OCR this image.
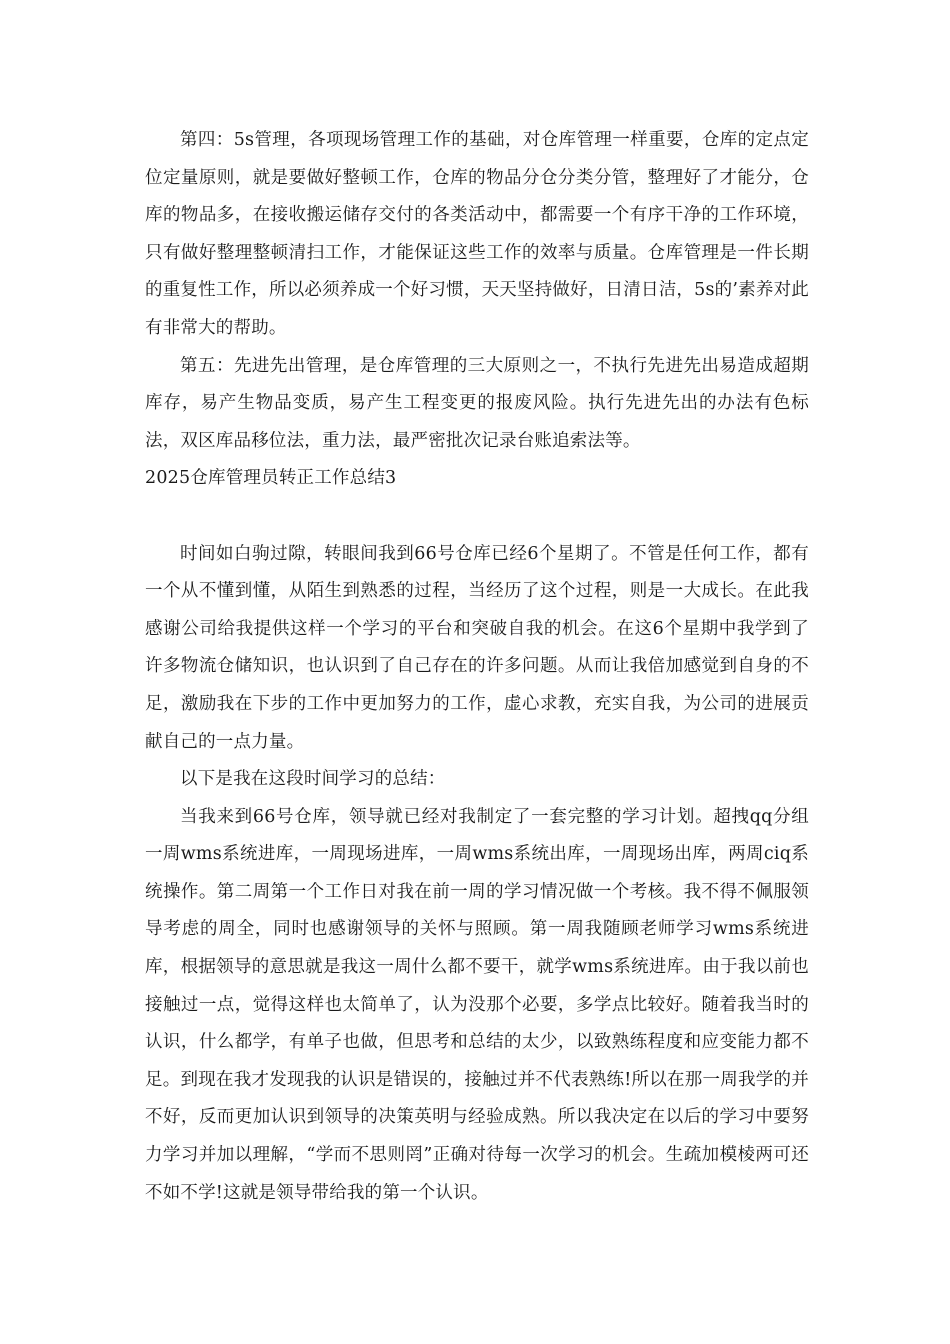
第四：5s管理，各项现场管理工作的基础，对仓库管理一样重要，仓库的定点定位定量原则，就是要做好整顿工作，仓库的物品分仓分类分管，整理好了才能分，仓库的物品多，在接收搬运储存交付的各类活动中，都需要一个有序干净的工作环境，只有做好整理整顿清扫工作，才能保证这些工作的效率与质量。仓库管理是一件长期的重复性工作，所以必须养成一个好习惯，天天坚持做好，日清日洁，5s的’素养对此有非常大的帮助。

第五：先进先出管理，是仓库管理的三大原则之一，不执行先进先出易造成超期库存，易产生物品变质，易产生工程变更的报废风险。执行先进先出的办法有色标法，双区库品移位法，重力法，最严密批次记录台账追索法等。

2025仓库管理员转正工作总结3

时间如白驹过隙，转眼间我到66号仓库已经6个星期了。不管是任何工作，都有一个从不懂到懂，从陌生到熟悉的过程，当经历了这个过程，则是一大成长。在此我感谢公司给我提供这样一个学习的平台和突破自我的机会。在这6个星期中我学到了许多物流仓储知识，也认识到了自己存在的许多问题。从而让我倍加感觉到自身的不足，激励我在下步的工作中更加努力的工作，虚心求教，充实自我，为公司的进展贡献自己的一点力量。

以下是我在这段时间学习的总结：

当我来到66号仓库，领导就已经对我制定了一套完整的学习计划。超拽qq分组一周wms系统进库，一周现场进库，一周wms系统出库，一周现场出库，两周ciq系统操作。第二周第一个工作日对我在前一周的学习情况做一个考核。我不得不佩服领导考虑的周全，同时也感谢领导的关怀与照顾。第一周我随顾老师学习wms系统进库，根据领导的意思就是我这一周什么都不要干，就学wms系统进库。由于我以前也接触过一点，觉得这样也太简单了，认为没那个必要，多学点比较好。随着我当时的认识，什么都学，有单子也做，但思考和总结的太少，以致熟练程度和应变能力都不足。到现在我才发现我的认识是错误的，接触过并不代表熟练!所以在那一周我学的并不好，反而更加认识到领导的决策英明与经验成熟。所以我决定在以后的学习中要努力学习并加以理解，“学而不思则罔”正确对待每一次学习的机会。生疏加模棱两可还不如不学!这就是领导带给我的第一个认识。
